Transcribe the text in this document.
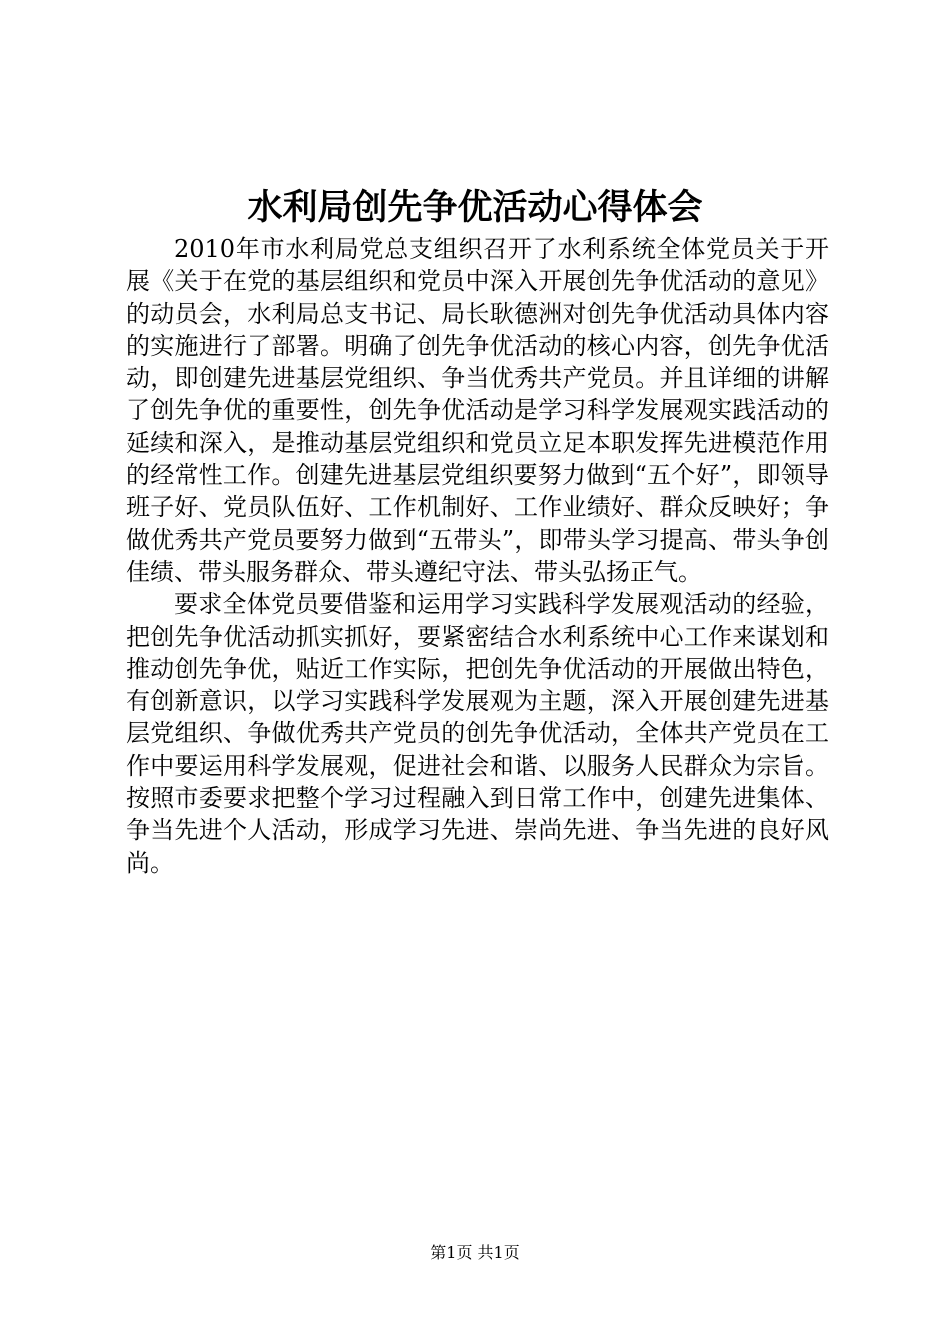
水利局创先争优活动心得体会

2010年市水利局党总支组织召开了水利系统全体党员关于开展《关于在党的基层组织和党员中深入开展创先争优活动的意见》的动员会，水利局总支书记、局长耿德洲对创先争优活动具体内容的实施进行了部署。明确了创先争优活动的核心内容，创先争优活动，即创建先进基层党组织、争当优秀共产党员。并且详细的讲解了创先争优的重要性，创先争优活动是学习科学发展观实践活动的延续和深入，是推动基层党组织和党员立足本职发挥先进模范作用的经常性工作。创建先进基层党组织要努力做到“五个好”，即领导班子好、党员队伍好、工作机制好、工作业绩好、群众反映好；争做优秀共产党员要努力做到“五带头”，即带头学习提高、带头争创佳绩、带头服务群众、带头遵纪守法、带头弘扬正气。

要求全体党员要借鉴和运用学习实践科学发展观活动的经验，把创先争优活动抓实抓好，要紧密结合水利系统中心工作来谋划和推动创先争优，贴近工作实际，把创先争优活动的开展做出特色，有创新意识，以学习实践科学发展观为主题，深入开展创建先进基层党组织、争做优秀共产党员的创先争优活动，全体共产党员在工作中要运用科学发展观，促进社会和谐、以服务人民群众为宗旨。按照市委要求把整个学习过程融入到日常工作中，创建先进集体、争当先进个人活动，形成学习先进、崇尚先进、争当先进的良好风尚。

第1页 共1页
